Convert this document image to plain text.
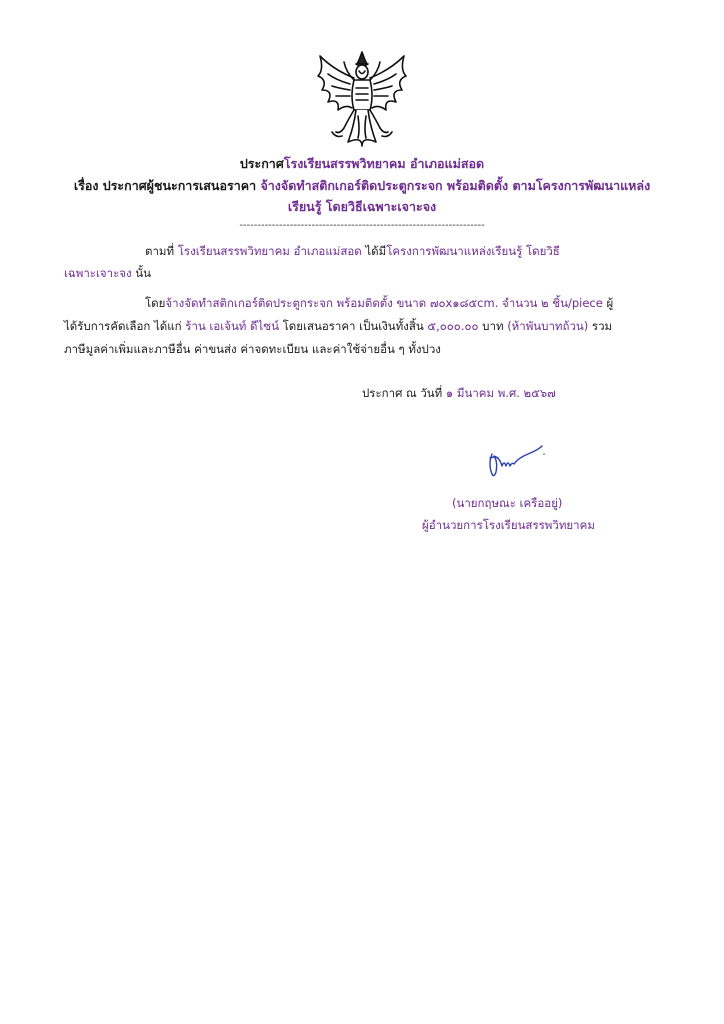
ประกาศโรงเรียนสรรพวิทยาคม อำเภอแม่สอด
เรื่อง ประกาศผู้ชนะการเสนอราคา จ้างจัดทำสติกเกอร์ติดประตูกระจก พร้อมติดตั้ง ตามโครงการพัฒนาแหล่ง
เรียนรู้ โดยวิธีเฉพาะเจาะจง
--------------------------------------------------------------------
ตามที่ โรงเรียนสรรพวิทยาคม อำเภอแม่สอด ได้มีโครงการพัฒนาแหล่งเรียนรู้ โดยวิธี
เฉพาะเจาะจง นั้น
โดยจ้างจัดทำสติกเกอร์ติดประตูกระจก พร้อมติดตั้ง ขนาด ๗๐x๑๘๕cm. จำนวน ๒ ชิ้น/piece ผู้
ได้รับการคัดเลือก ได้แก่ ร้าน เอเจ้นท์ ดีไซน์ โดยเสนอราคา เป็นเงินทั้งสิ้น ๕,๐๐๐.๐๐ บาท (ห้าพันบาทถ้วน) รวม
ภาษีมูลค่าเพิ่มและภาษีอื่น ค่าขนส่ง ค่าจดทะเบียน และค่าใช้จ่ายอื่น ๆ ทั้งปวง
ประกาศ ณ วันที่ ๑ มีนาคม พ.ศ. ๒๕๖๗
(นายกฤษณะ เครืออยู่)
ผู้อำนวยการโรงเรียนสรรพวิทยาคม
